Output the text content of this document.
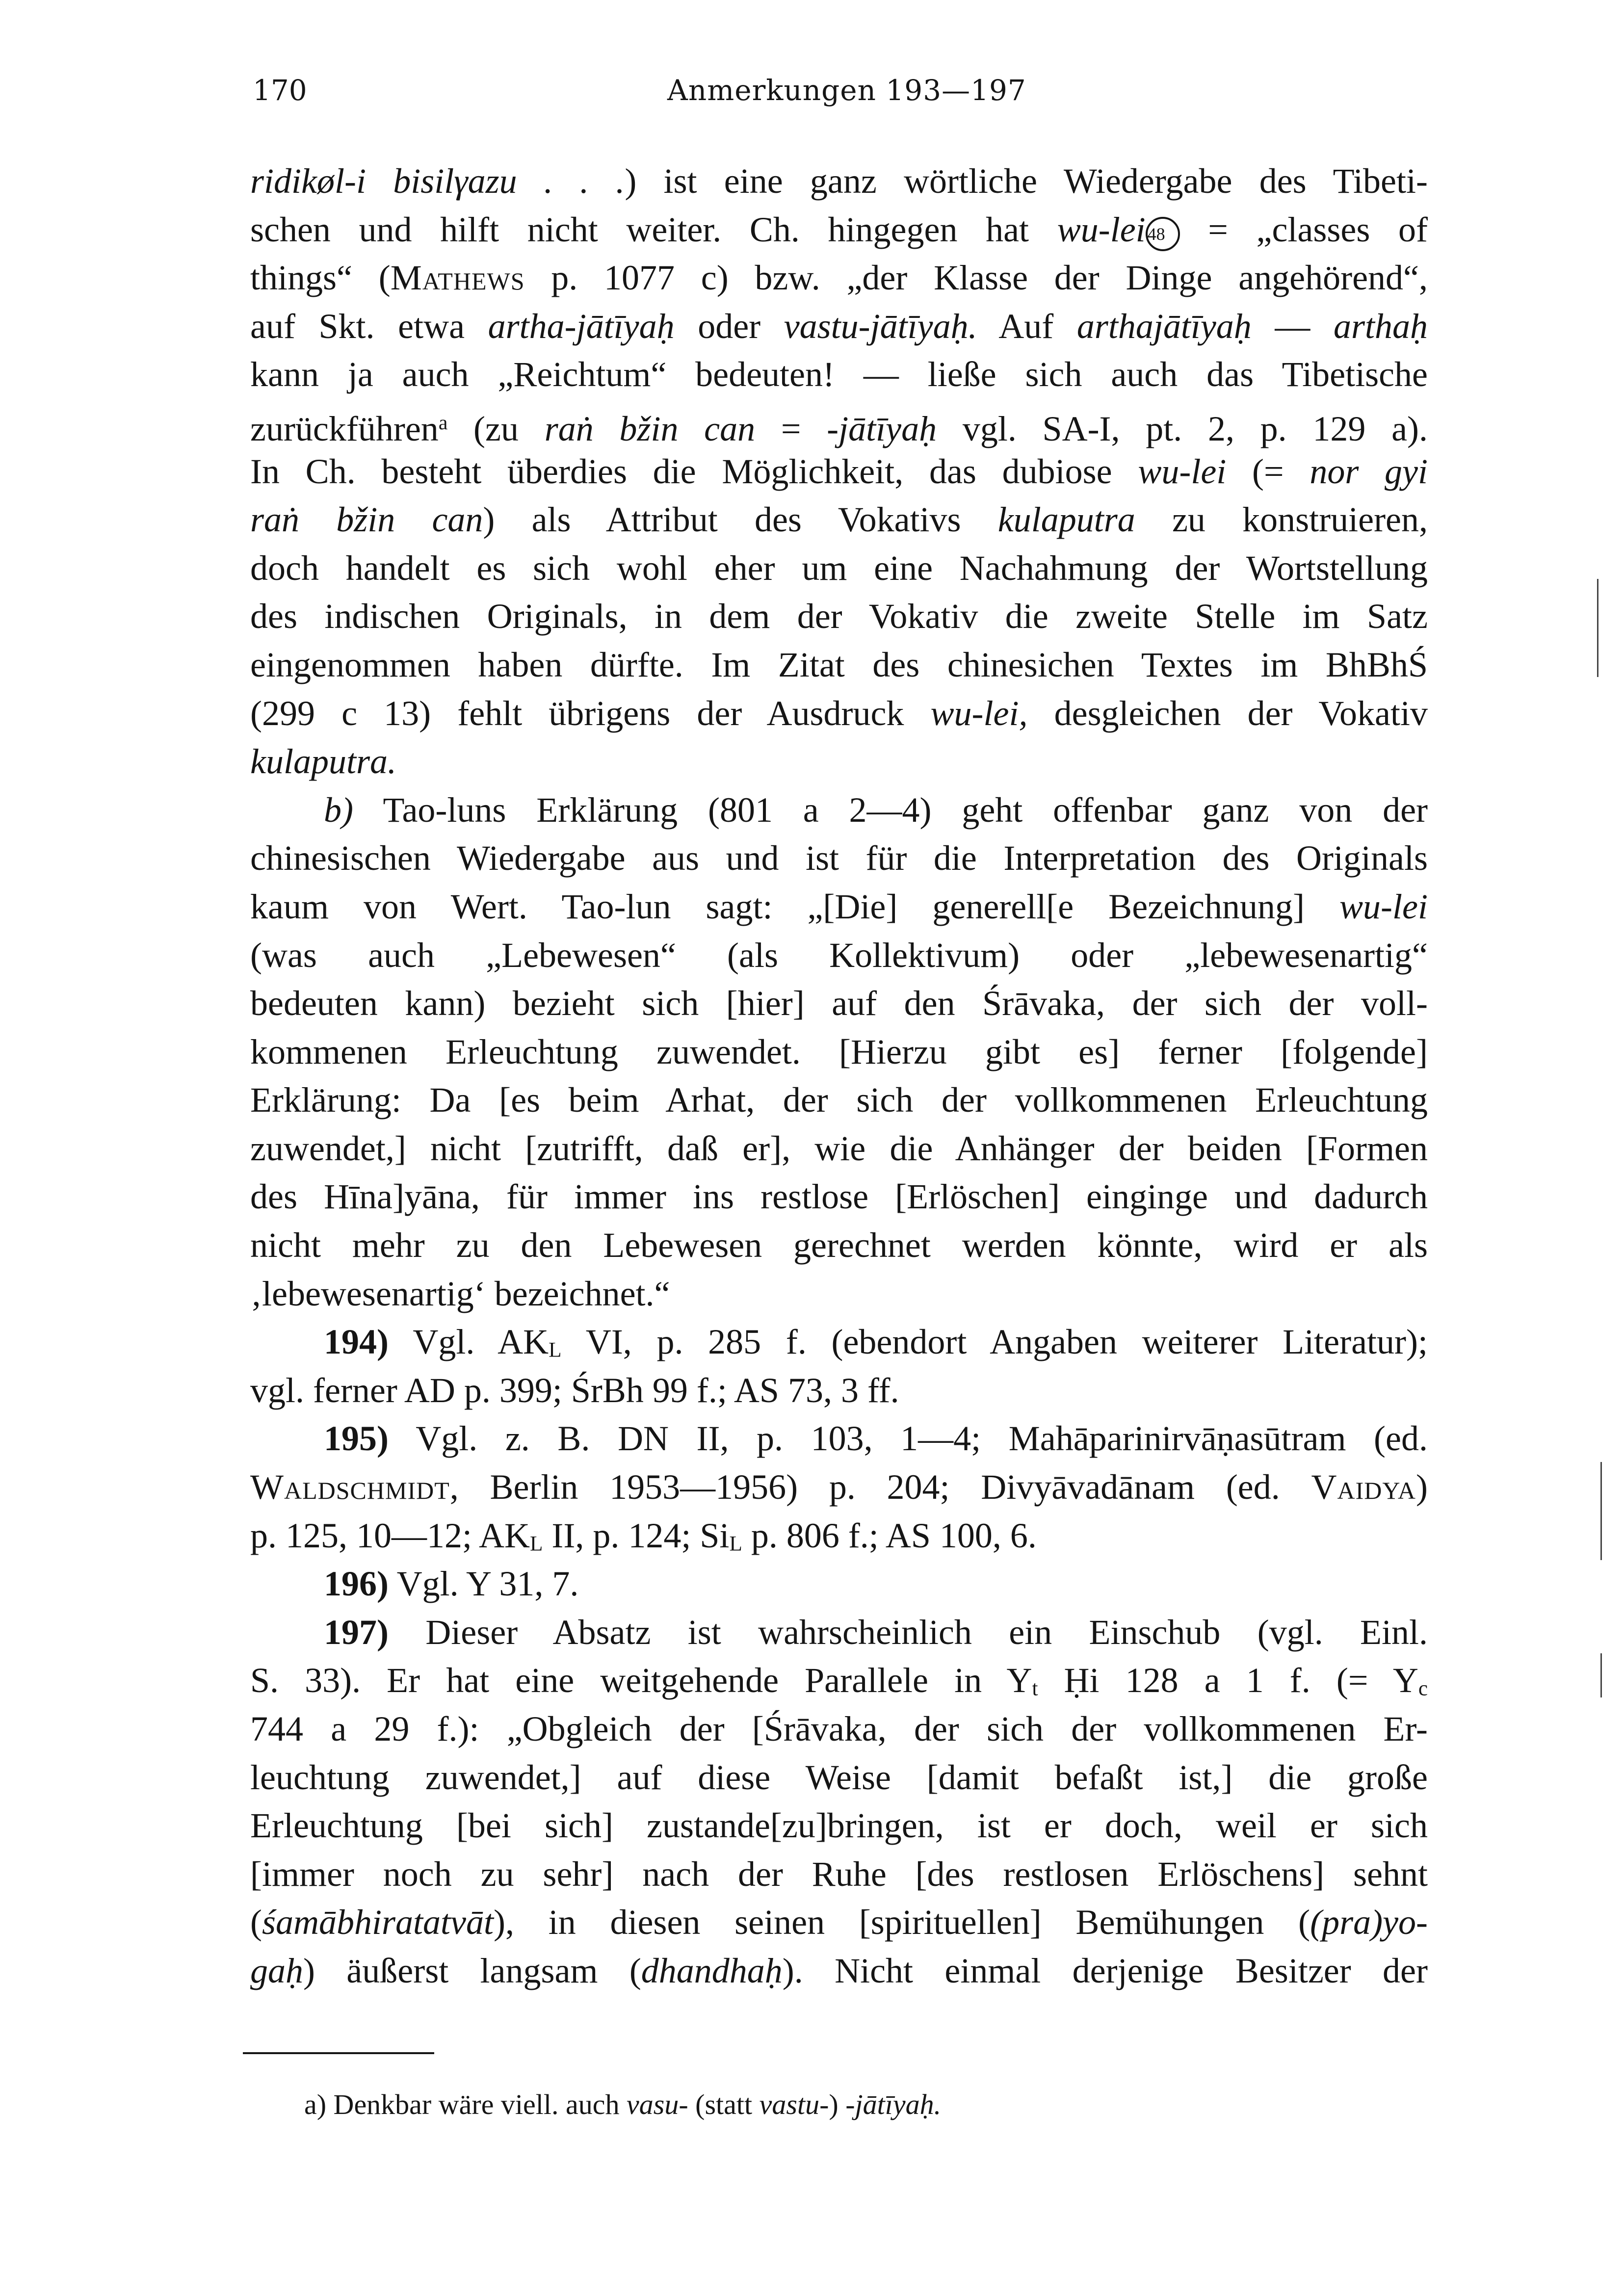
170	Anmerkungen 193—197
ridikøl-i bisilγazu . . .) ist eine ganz wörtliche Wiedergabe des Tibeti-
schen und hilft nicht weiter. Ch. hingegen hat wu-lei 48 = „classes of
things“ (Mathews p. 1077 c) bzw. „der Klasse der Dinge angehörend“,
auf Skt. etwa artha-jātīyaḥ oder vastu-jātīyaḥ. Auf arthajātīyaḥ — arthaḥ
kann ja auch „Reichtum“ bedeuten! — ließe sich auch das Tibetische
zurückführen$^a$ (zu raṅ bžin can = -jātīyaḥ vgl. SA-I, pt. 2, p. 129 a).
In Ch. besteht überdies die Möglichkeit, das dubiose wu-lei (= nor gyi
raṅ bžin can) als Attribut des Vokativs kulaputra zu konstruieren,
doch handelt es sich wohl eher um eine Nachahmung der Wortstellung
des indischen Originals, in dem der Vokativ die zweite Stelle im Satz
eingenommen haben dürfte. Im Zitat des chinesichen Textes im BhBhŚ
(299 c 13) fehlt übrigens der Ausdruck wu-lei, desgleichen der Vokativ
kulaputra.
b) Tao-luns Erklärung (801 a 2—4) geht offenbar ganz von der
chinesischen Wiedergabe aus und ist für die Interpretation des Originals
kaum von Wert. Tao-lun sagt: „[Die] generell[e Bezeichnung] wu-lei
(was auch „Lebewesen“ (als Kollektivum) oder „lebewesenartig“
bedeuten kann) bezieht sich [hier] auf den Śrāvaka, der sich der voll-
kommenen Erleuchtung zuwendet. [Hierzu gibt es] ferner [folgende]
Erklärung: Da [es beim Arhat, der sich der vollkommenen Erleuchtung
zuwendet,] nicht [zutrifft, daß er], wie die Anhänger der beiden [Formen
des Hīna]yāna, für immer ins restlose [Erlöschen] einginge und dadurch
nicht mehr zu den Lebewesen gerechnet werden könnte, wird er als
‚lebewesenartig‘ bezeichnet.“
194) Vgl. AKL VI, p. 285 f. (ebendort Angaben weiterer Literatur);
vgl. ferner AD p. 399; ŚrBh 99 f.; AS 73, 3 ff.
195) Vgl. z. B. DN II, p. 103, 1—4; Mahāparinirvāṇasūtram (ed.
Waldschmidt, Berlin 1953—1956) p. 204; Divyāvadānam (ed. Vaidya)
p. 125, 10—12; AKL II, p. 124; SiL p. 806 f.; AS 100, 6.
196) Vgl. Y 31, 7.
197) Dieser Absatz ist wahrscheinlich ein Einschub (vgl. Einl.
S. 33). Er hat eine weitgehende Parallele in Yt Ḥi 128 a 1 f. (= Yc
744 a 29 f.): „Obgleich der [Śrāvaka, der sich der vollkommenen Er-
leuchtung zuwendet,] auf diese Weise [damit befaßt ist,] die große
Erleuchtung [bei sich] zustande[zu]bringen, ist er doch, weil er sich
[immer noch zu sehr] nach der Ruhe [des restlosen Erlöschens] sehnt
(śamābhiratatvāt), in diesen seinen [spirituellen] Bemühungen ((pra)yo-
gaḥ) äußerst langsam (dhandhaḥ). Nicht einmal derjenige Besitzer der
a) Denkbar wäre viell. auch vasu- (statt vastu-) -jātīyaḥ.
